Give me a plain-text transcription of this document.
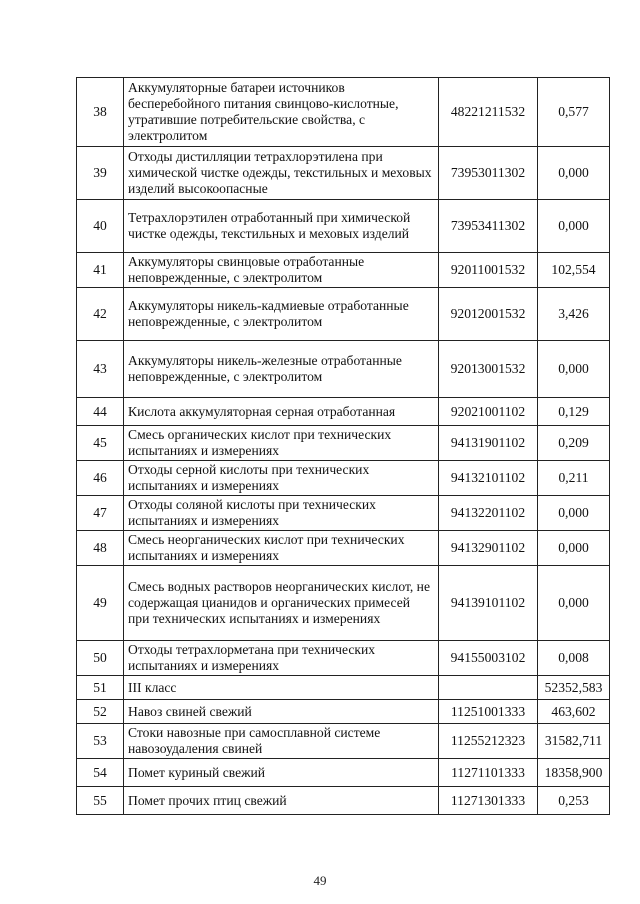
38	Аккумуляторные батареи источников бесперебойного питания свинцово-кислотные, утратившие потребительские свойства, с электролитом	48221211532	0,577
39	Отходы дистилляции тетрахлорэтилена при химической чистке одежды, текстильных и меховых изделий высокоопасные	73953011302	0,000
40	Тетрахлорэтилен отработанный при химической чистке одежды, текстильных и меховых изделий	73953411302	0,000
41	Аккумуляторы свинцовые отработанные неповрежденные, с электролитом	92011001532	102,554
42	Аккумуляторы никель-кадмиевые отработанные неповрежденные, с электролитом	92012001532	3,426
43	Аккумуляторы никель-железные отработанные неповрежденные, с электролитом	92013001532	0,000
44	Кислота аккумуляторная серная отработанная	92021001102	0,129
45	Смесь органических кислот при технических испытаниях и измерениях	94131901102	0,209
46	Отходы серной кислоты при технических испытаниях и измерениях	94132101102	0,211
47	Отходы соляной кислоты при технических испытаниях и измерениях	94132201102	0,000
48	Смесь неорганических кислот при технических испытаниях и измерениях	94132901102	0,000
49	Смесь водных растворов неорганических кислот, не содержащая цианидов и органических примесей при технических испытаниях и измерениях	94139101102	0,000
50	Отходы тетрахлорметана при технических испытаниях и измерениях	94155003102	0,008
51	III класс		52352,583
52	Навоз свиней свежий	11251001333	463,602
53	Стоки навозные при самосплавной системе навозоудаления свиней	11255212323	31582,711
54	Помет куриный свежий	11271101333	18358,900
55	Помет прочих птиц свежий	11271301333	0,253
49
